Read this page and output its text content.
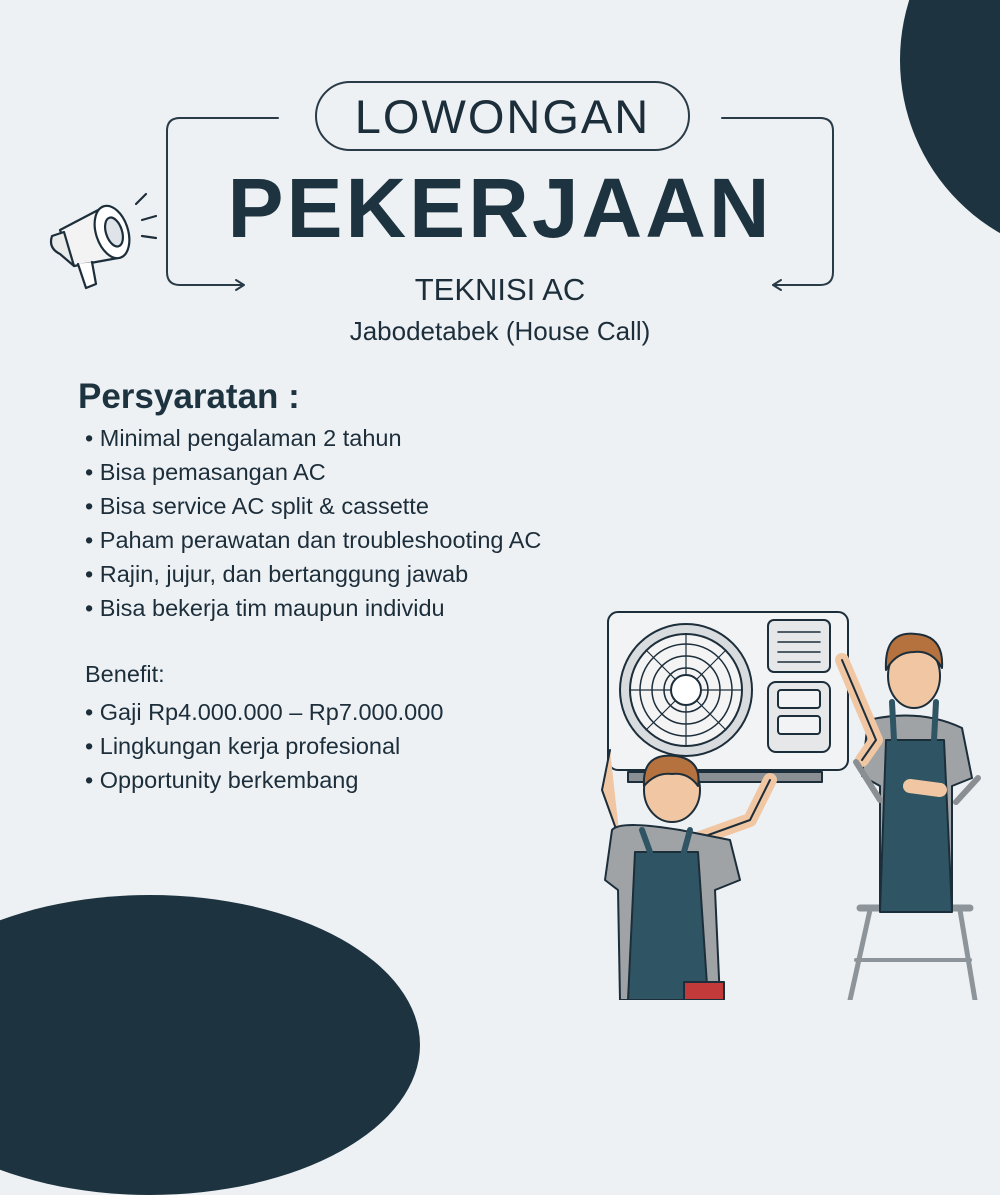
LOWONGAN
PEKERJAAN
TEKNISI AC
Jabodetabek (House Call)
Persyaratan :
• Minimal pengalaman 2 tahun
• Bisa pemasangan AC
• Bisa service AC split & cassette
• Paham perawatan dan troubleshooting AC
• Rajin, jujur, dan bertanggung jawab
• Bisa bekerja tim maupun individu
Benefit:
• Gaji Rp4.000.000 – Rp7.000.000
• Lingkungan kerja profesional
• Opportunity berkembang
